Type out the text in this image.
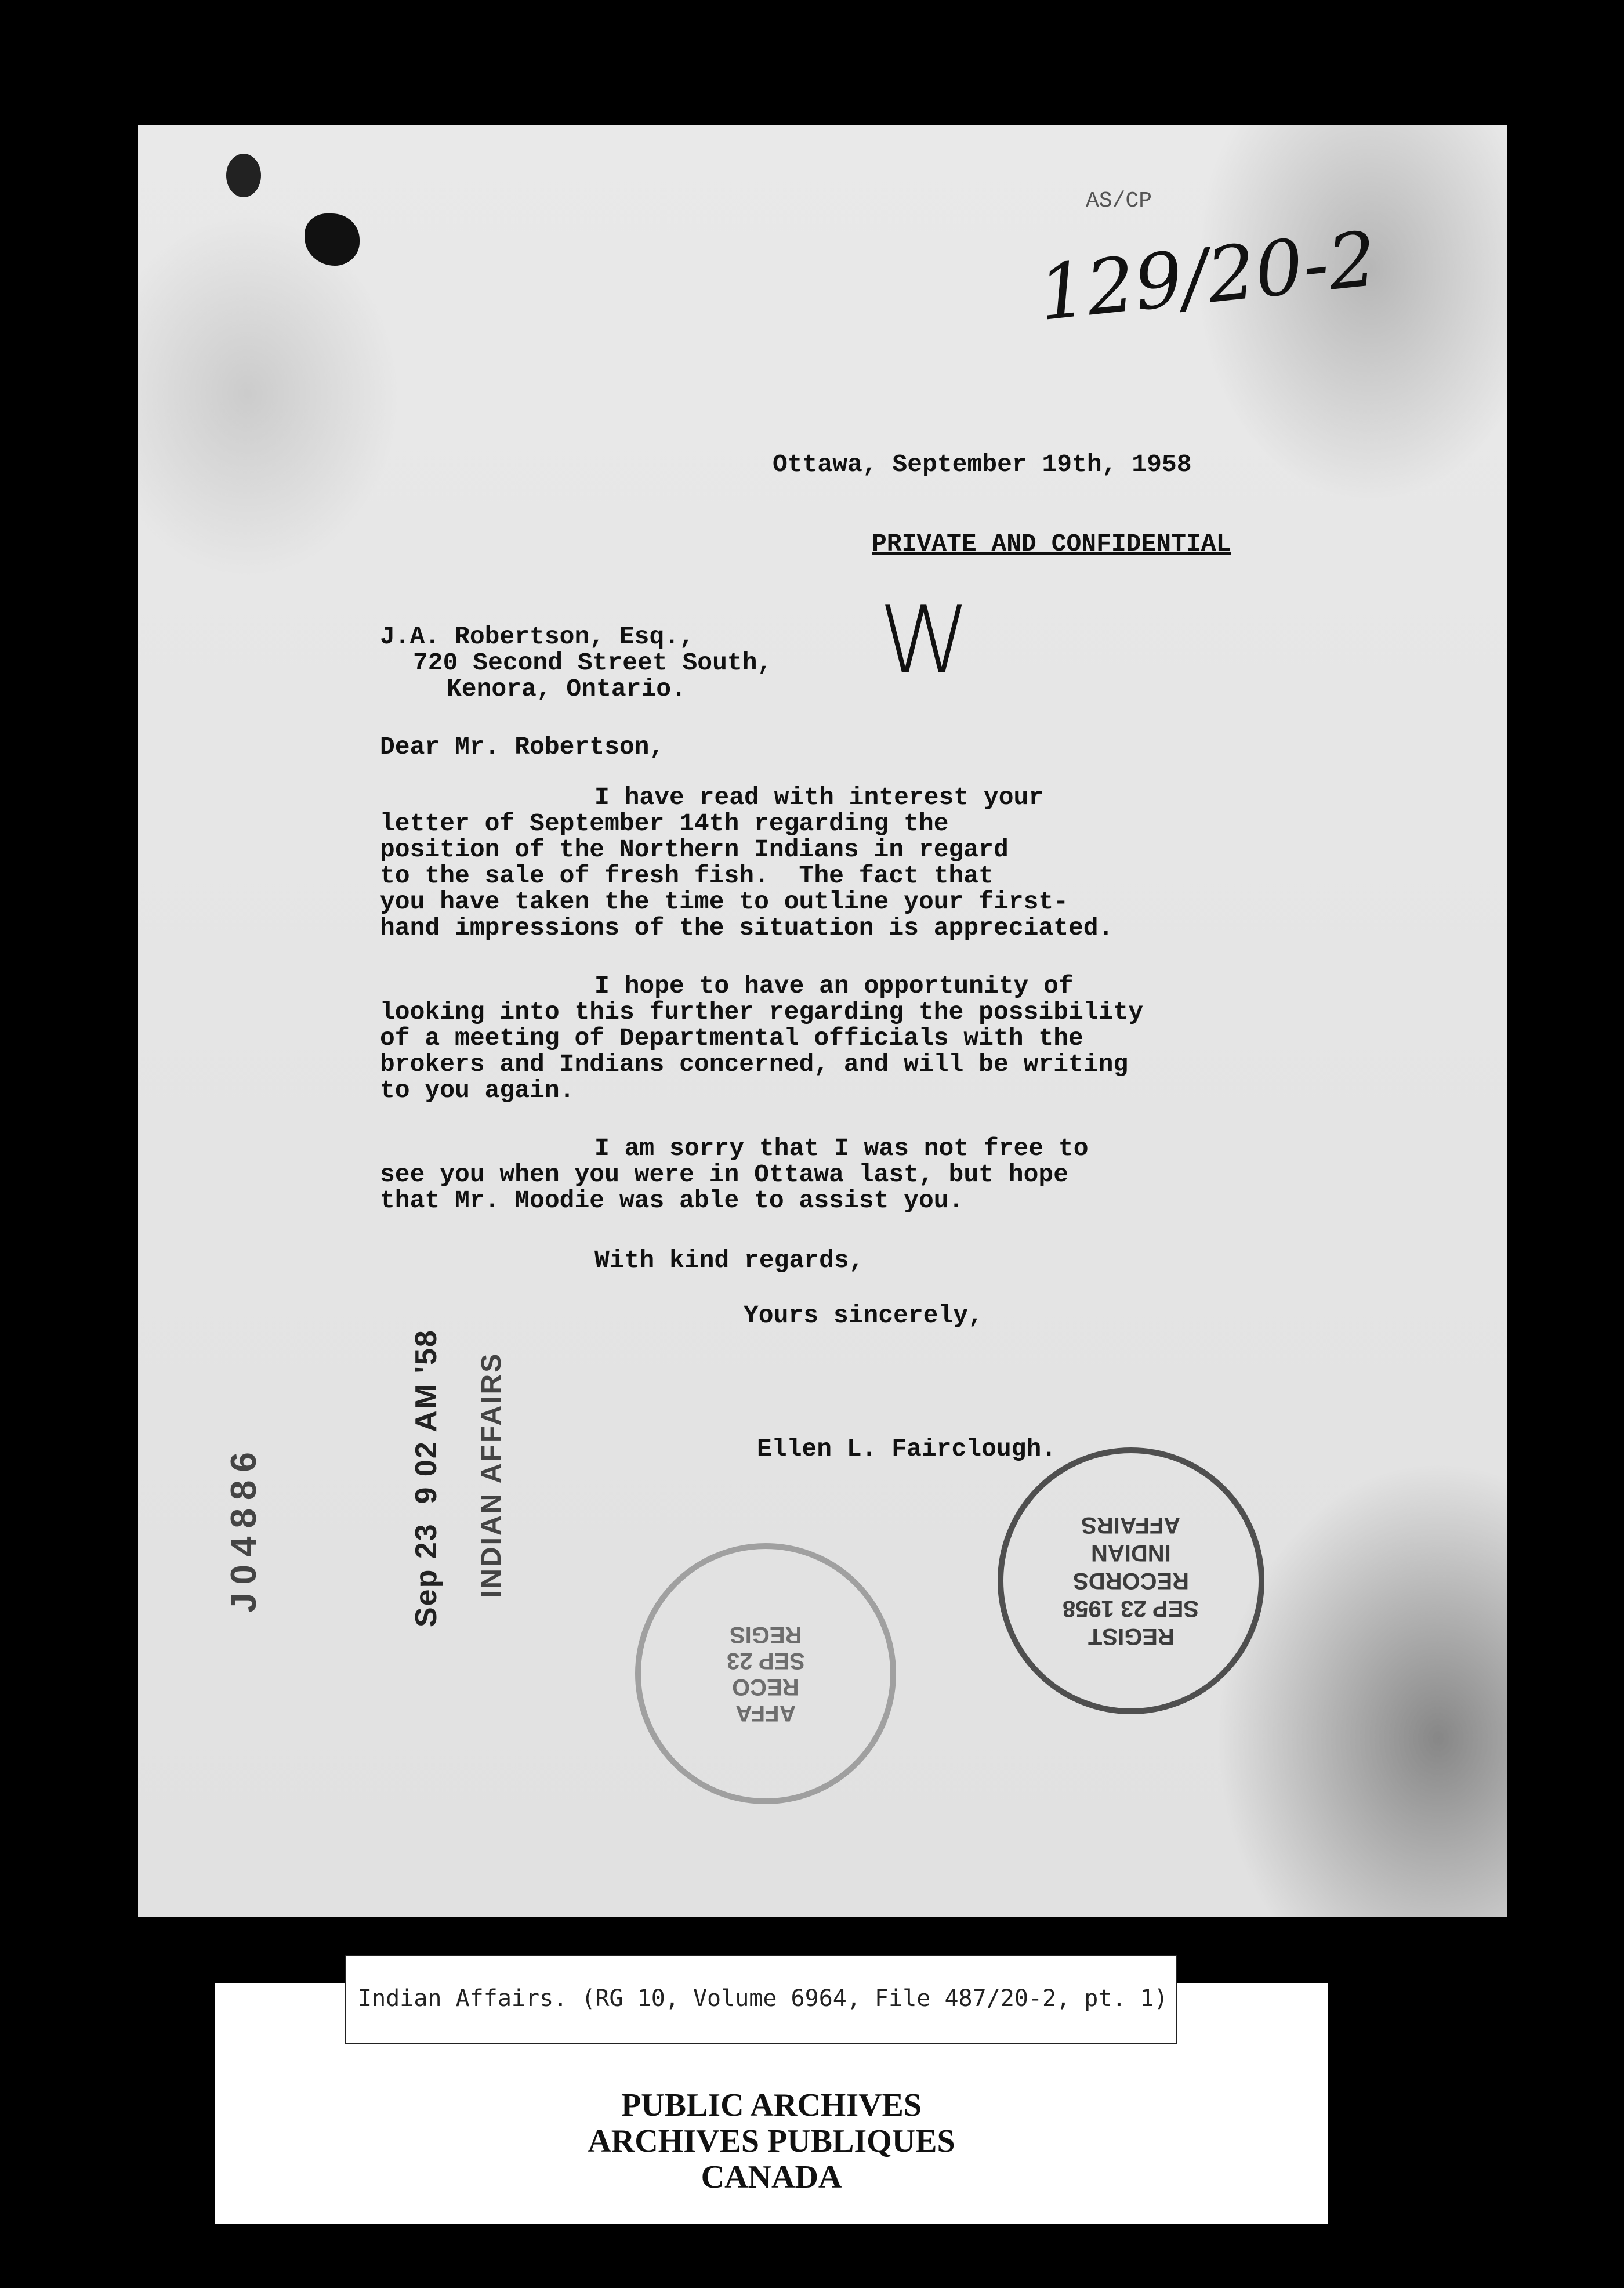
AS/CP
129/20-2
Ottawa, September 19th, 1958
PRIVATE AND CONFIDENTIAL
W
J.A. Robertson, Esq.,
720 Second Street South,
Kenora, Ontario.
Dear Mr. Robertson,
I have read with interest your
letter of September 14th regarding the
position of the Northern Indians in regard
to the sale of fresh fish.  The fact that
you have taken the time to outline your first-
hand impressions of the situation is appreciated.
I hope to have an opportunity of
looking into this further regarding the possibility
of a meeting of Departmental officials with the
brokers and Indians concerned, and will be writing
to you again.
I am sorry that I was not free to
see you when you were in Ottawa last, but hope
that Mr. Moodie was able to assist you.
With kind regards,
Yours sincerely,
Ellen L. Fairclough.
J04886	Sep 23  9 02 AM '58 INDIAN AFFAIRS
REGIS
SEP 23
RECO
AFFA
AFFAIRS
INDIAN
RECORDS
SEP 23 1958
REGIST
Indian Affairs. (RG 10, Volume 6964, File 487/20-2, pt. 1)
PUBLIC ARCHIVES
ARCHIVES PUBLIQUES
CANADA
